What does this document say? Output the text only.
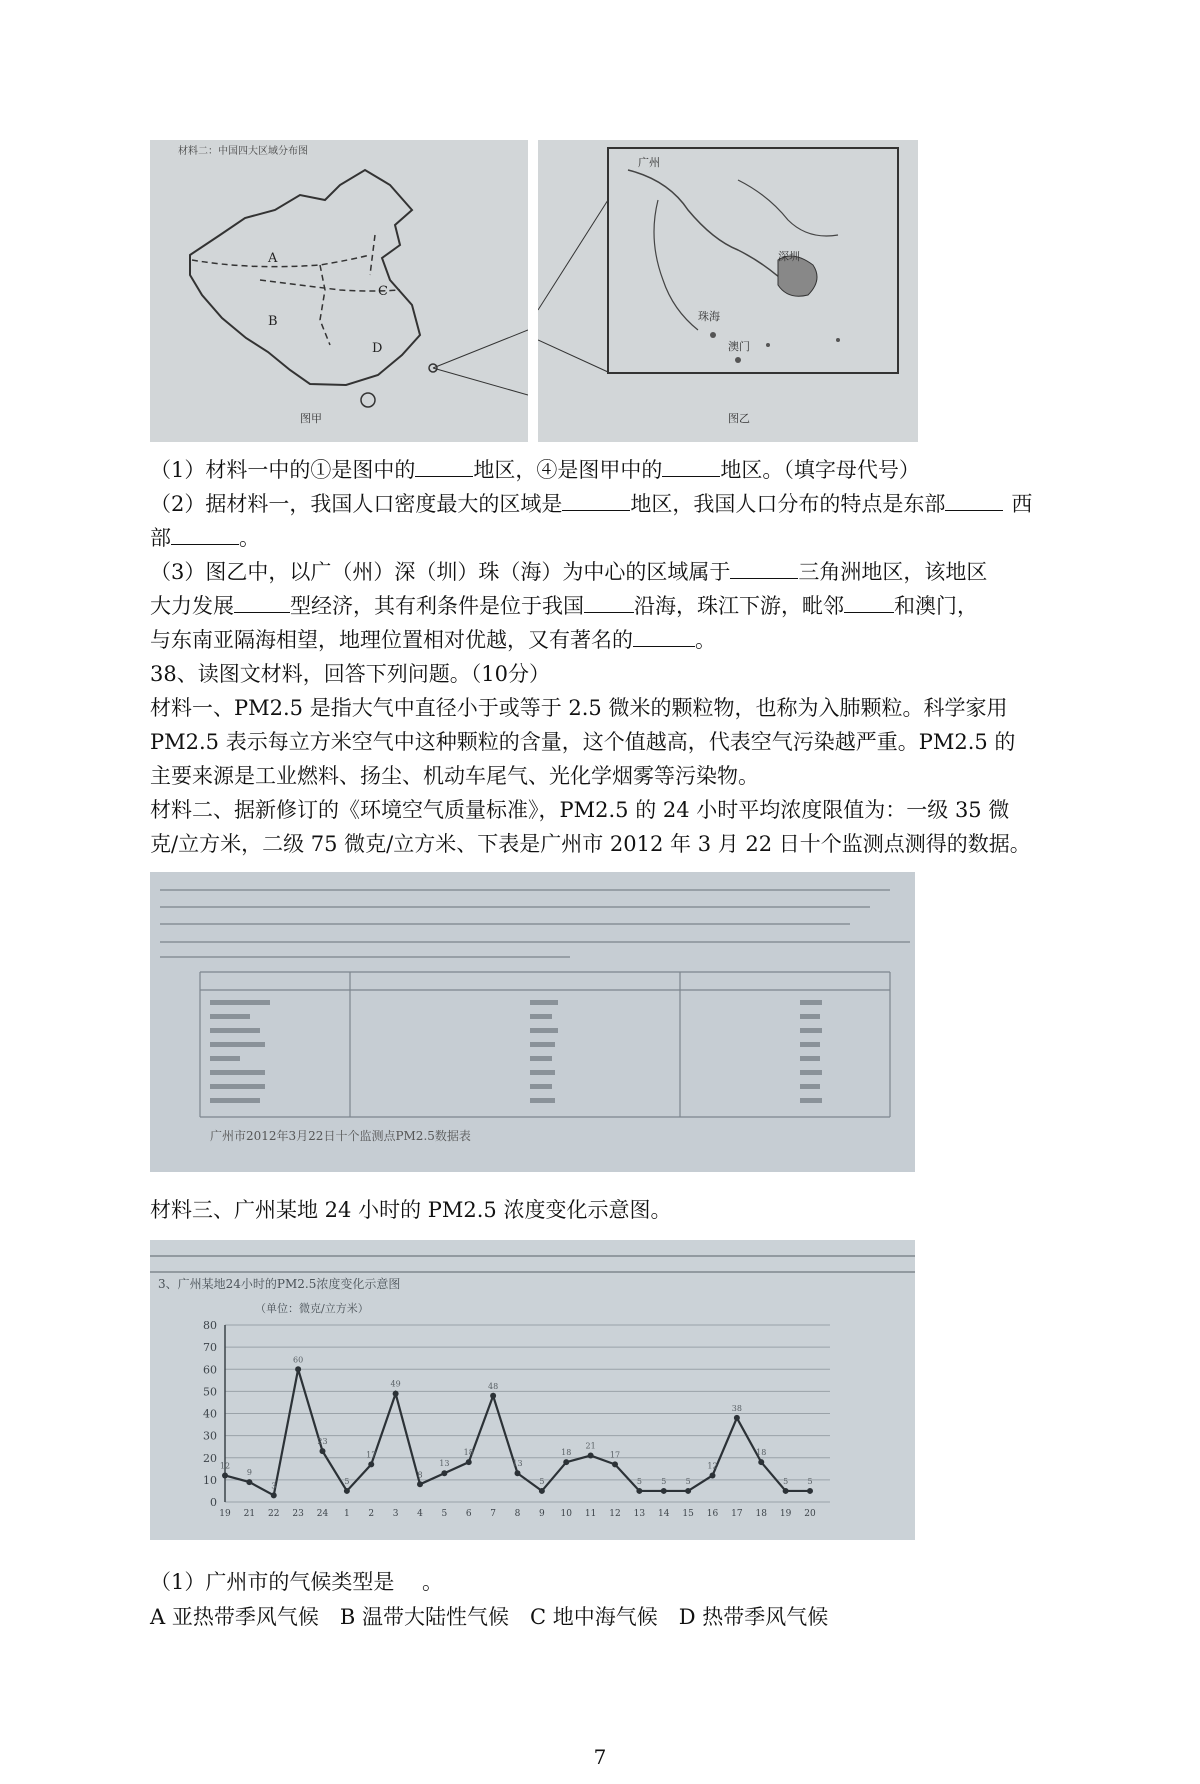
材料二：中国四大区域分布图
A
B
C
D
图甲
广州
深圳
珠海
澳门
图乙
（1）材料一中的①是图中的	地区，④是图甲中的	地区。（填字母代号）
（2）据材料一，我国人口密度最大的区域是	地区，我国人口分布的特点是东部	西
部	。
（3）图乙中，以广（州）深（圳）珠（海）为中心的区域属于	三角洲地区，该地区
大力发展	型经济，其有利条件是位于我国 沿海，珠江下游，毗邻 和澳门，
与东南亚隔海相望，地理位置相对优越，又有著名的	。
38、读图文材料，回答下列问题。（10分）
材料一、PM2.5 是指大气中直径小于或等于 2.5 微米的颗粒物，也称为入肺颗粒。科学家用
PM2.5 表示每立方米空气中这种颗粒的含量，这个值越高，代表空气污染越严重。PM2.5 的
主要来源是工业燃料、扬尘、机动车尾气、光化学烟雾等污染物。
材料二、据新修订的《环境空气质量标准》，PM2.5 的 24 小时平均浓度限值为：一级 35 微
克/立方米，二级 75 微克/立方米、下表是广州市 2012 年 3 月 22 日十个监测点测得的数据。
广州市2012年3月22日十个监测点PM2.5数据表
材料三、广州某地 24 小时的 PM2.5 浓度变化示意图。
3、广州某地24小时的PM2.5浓度变化示意图
（单位：微克/立方米）
0
10
20
30
40
50
60
70
80
19 21 22 23 24 1 2 3 4 5 6 7 8 9 10 11 12 13 14 15 16 17 18 19 20
12
9
3
60
23
5
17
49
8
13
18
48
13
5
18
21
17
5 5 5
12
38
18
5 5
（1）广州市的气候类型是 　。
A 亚热带季风气候　B 温带大陆性气候　C 地中海气候　D 热带季风气候
7
